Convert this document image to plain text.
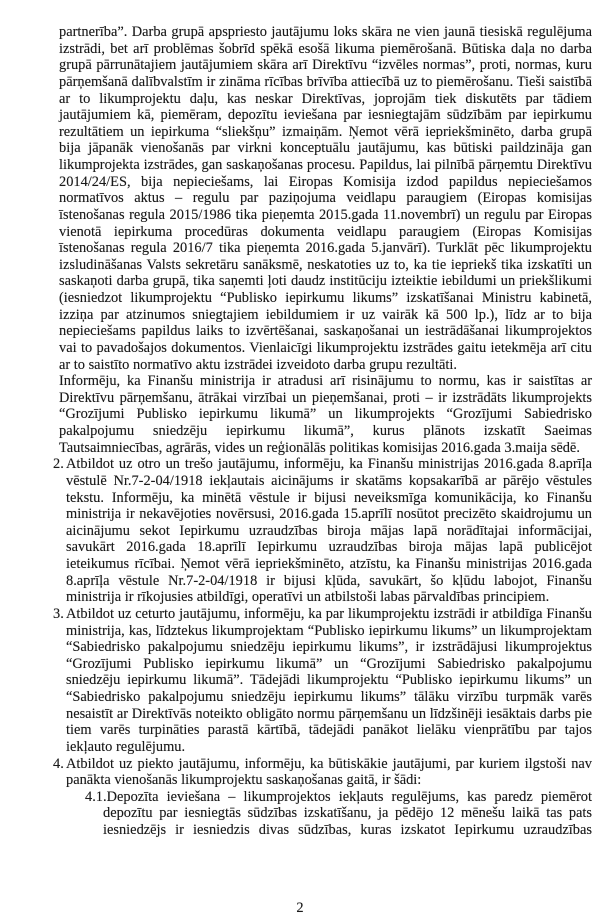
partnerība”. Darba grupā apspriesto jautājumu loks skāra ne vien jaunā tiesiskā regulējuma izstrādi, bet arī problēmas šobrīd spēkā esošā likuma piemērošanā. Būtiska daļa no darba grupā pārrunātajiem jautājumiem skāra arī Direktīvu “izvēles normas”, proti, normas, kuru pārņemšanā dalībvalstīm ir zināma rīcības brīvība attiecībā uz to piemērošanu. Tieši saistībā ar to likumprojektu daļu, kas neskar Direktīvas, joprojām tiek diskutēts par tādiem jautājumiem kā, piemēram, depozītu ieviešana par iesniegtajām sūdzībām par iepirkumu rezultātiem un iepirkuma “sliekšņu” izmaiņām. Ņemot vērā iepriekšminēto, darba grupā bija jāpanāk vienošanās par virkni konceptuālu jautājumu, kas būtiski paildzināja gan likumprojekta izstrādes, gan saskaņošanas procesu. Papildus, lai pilnībā pārņemtu Direktīvu 2014/24/ES, bija nepieciešams, lai Eiropas Komisija izdod papildus nepieciešamos normatīvos aktus – regulu par paziņojuma veidlapu paraugiem (Eiropas komisijas īstenošanas regula 2015/1986 tika pieņemta 2015.gada 11.novembrī) un regulu par Eiropas vienotā iepirkuma procedūras dokumenta veidlapu paraugiem (Eiropas Komisijas īstenošanas regula 2016/7 tika pieņemta 2016.gada 5.janvārī). Turklāt pēc likumprojektu izsludināšanas Valsts sekretāru sanāksmē, neskatoties uz to, ka tie iepriekš tika izskatīti un saskaņoti darba grupā, tika saņemti ļoti daudz institūciju izteiktie iebildumi un priekšlikumi (iesniedzot likumprojektu “Publisko iepirkumu likums” izskatīšanai Ministru kabinetā, izziņa par atzinumos sniegtajiem iebildumiem ir uz vairāk kā 500 lp.), līdz ar to bija nepieciešams papildus laiks to izvērtēšanai, saskaņošanai un iestrādāšanai likumprojektos vai to pavadošajos dokumentos. Vienlaicīgi likumprojektu izstrādes gaitu ietekmēja arī citu ar to saistīto normatīvo aktu izstrādei izveidoto darba grupu rezultāti.

Informēju, ka Finanšu ministrija ir atradusi arī risinājumu to normu, kas ir saistītas ar Direktīvu pārņemšanu, ātrākai virzībai un pieņemšanai, proti – ir izstrādāts likumprojekts “Grozījumi Publisko iepirkumu likumā” un likumprojekts “Grozījumi Sabiedrisko pakalpojumu sniedzēju iepirkumu likumā”, kurus plānots izskatīt Saeimas Tautsaimniecības, agrārās, vides un reģionālās politikas komisijas 2016.gada 3.maija sēdē.

2. Atbildot uz otro un trešo jautājumu, informēju, ka Finanšu ministrijas 2016.gada 8.aprīļa vēstulē Nr.7-2-04/1918 iekļautais aicinājums ir skatāms kopsakarībā ar pārējo vēstules tekstu. Informēju, ka minētā vēstule ir bijusi neveiksmīga komunikācija, ko Finanšu ministrija ir nekavējoties novērsusi, 2016.gada 15.aprīlī nosūtot precizēto skaidrojumu un aicinājumu sekot Iepirkumu uzraudzības biroja mājas lapā norādītajai informācijai, savukārt 2016.gada 18.aprīlī Iepirkumu uzraudzības biroja mājas lapā publicējot ieteikumus rīcībai. Ņemot vērā iepriekšminēto, atzīstu, ka Finanšu ministrijas 2016.gada 8.aprīļa vēstule Nr.7-2-04/1918 ir bijusi kļūda, savukārt, šo kļūdu labojot, Finanšu ministrija ir rīkojusies atbildīgi, operatīvi un atbilstoši labas pārvaldības principiem.

3. Atbildot uz ceturto jautājumu, informēju, ka par likumprojektu izstrādi ir atbildīga Finanšu ministrija, kas, līdztekus likumprojektam “Publisko iepirkumu likums” un likumprojektam “Sabiedrisko pakalpojumu sniedzēju iepirkumu likums”, ir izstrādājusi likumprojektus “Grozījumi Publisko iepirkumu likumā” un “Grozījumi Sabiedrisko pakalpojumu sniedzēju iepirkumu likumā”. Tādejādi likumprojektu “Publisko iepirkumu likums” un “Sabiedrisko pakalpojumu sniedzēju iepirkumu likums” tālāku virzību turpmāk varēs nesaistīt ar Direktīvās noteikto obligāto normu pārņemšanu un līdzšinēji iesāktais darbs pie tiem varēs turpināties parastā kārtībā, tādejādi panākot lielāku vienprātību par tajos iekļauto regulējumu.

4. Atbildot uz piekto jautājumu, informēju, ka būtiskākie jautājumi, par kuriem ilgstoši nav panākta vienošanās likumprojektu saskaņošanas gaitā, ir šādi:

4.1.Depozīta ieviešana – likumprojektos iekļauts regulējums, kas paredz piemērot depozītu par iesniegtās sūdzības izskatīšanu, ja pēdējo 12 mēnešu laikā tas pats iesniedzējs ir iesniedzis divas sūdzības, kuras izskatot Iepirkumu uzraudzības

2
